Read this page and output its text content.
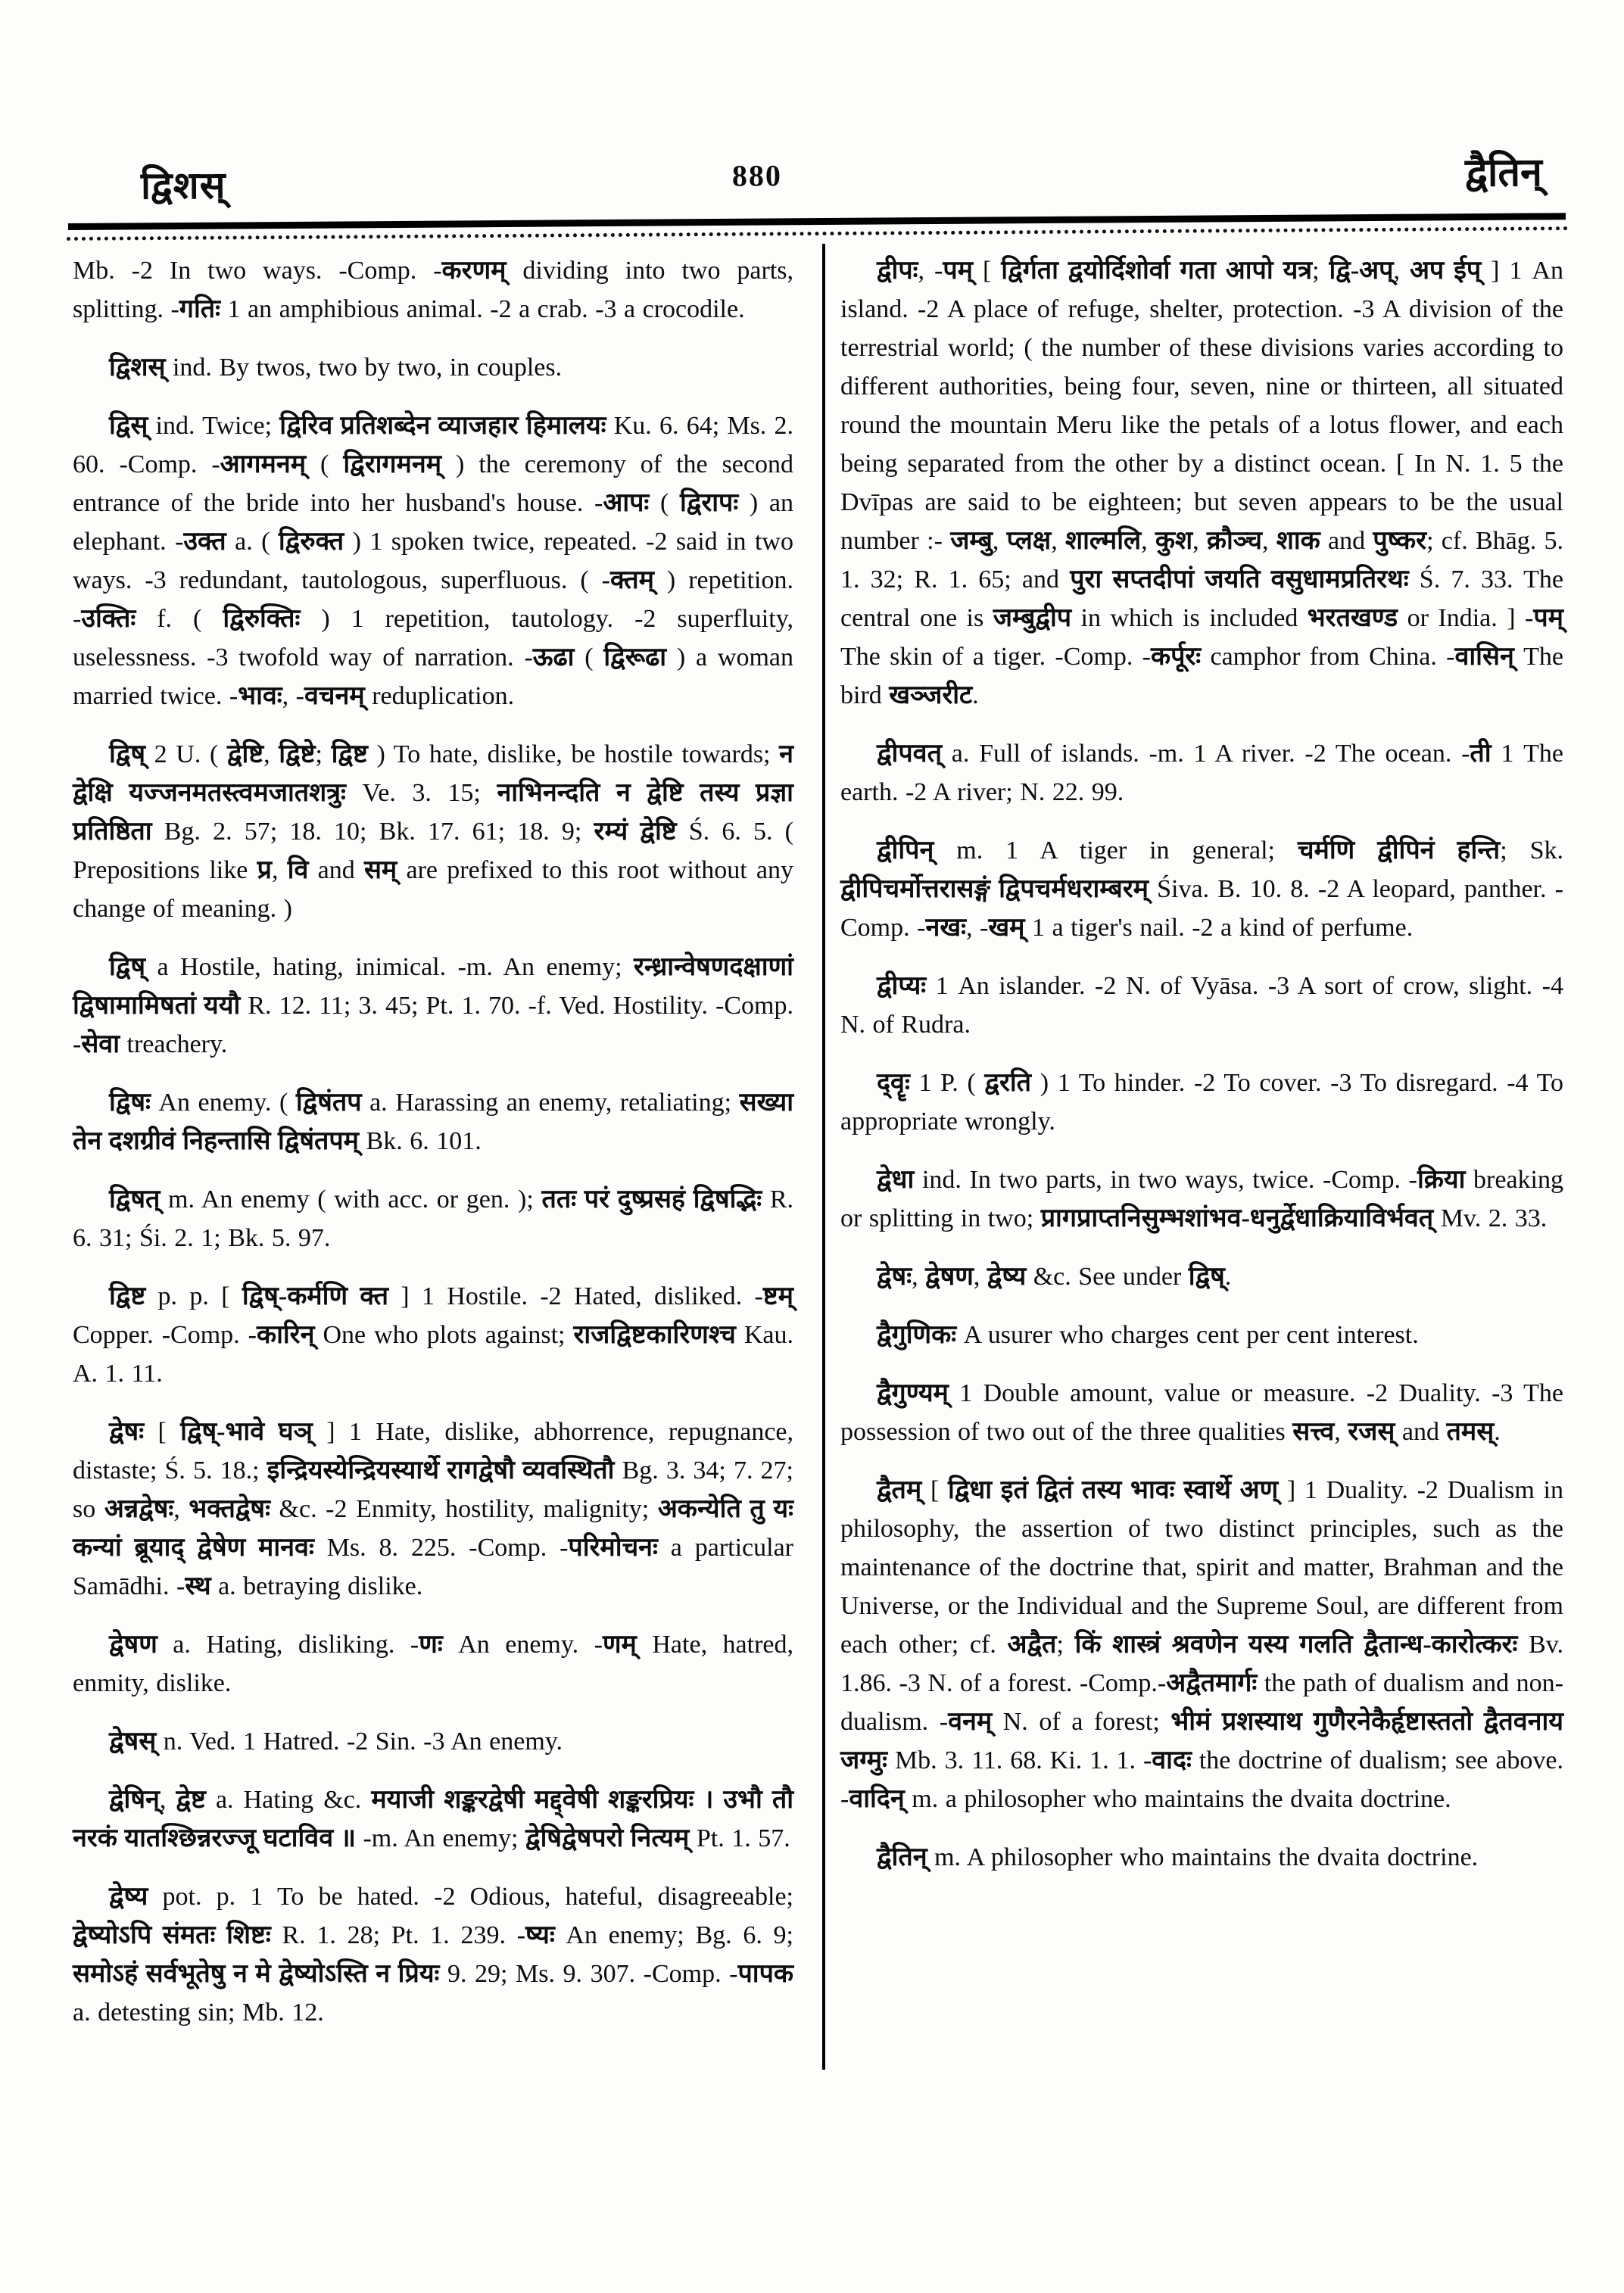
द्विशस्	880	द्वैतिन्

Mb. -2 In two ways. -Comp. -करणम् dividing into two parts, splitting. -गतिः 1 an amphibious animal. -2 a crab. -3 a crocodile.

द्विशस् ind. By twos, two by two, in couples.

द्विस् ind. Twice; द्विरिव प्रतिशब्देन व्याजहार हिमालयः Ku. 6. 64; Ms. 2. 60. -Comp. -आगमनम् ( द्विरागमनम् ) the ceremony of the second entrance of the bride into her husband's house. -आपः ( द्विरापः ) an elephant. -उक्त a. ( द्विरुक्त ) 1 spoken twice, repeated. -2 said in two ways. -3 redundant, tautologous, superfluous. ( -क्तम् ) repetition. -उक्तिः f. ( द्विरुक्तिः ) 1 repetition, tautology. -2 superfluity, uselessness. -3 twofold way of narration. -ऊढा ( द्विरूढा ) a woman married twice. -भावः, -वचनम् reduplication.

द्विष् 2 U. ( द्वेष्टि, द्विष्टे; द्विष्ट ) To hate, dislike, be hostile towards; न द्वेक्षि यज्जनमतस्त्वमजातशत्रुः Ve. 3. 15; नाभिनन्दति न द्वेष्टि तस्य प्रज्ञा प्रतिष्ठिता Bg. 2. 57; 18. 10; Bk. 17. 61; 18. 9; रम्यं द्वेष्टि Ś. 6. 5. ( Prepositions like प्र, वि and सम् are prefixed to this root without any change of meaning. )

द्विष् a Hostile, hating, inimical. -m. An enemy; रन्ध्रान्वेषणदक्षाणां द्विषामामिषतां ययौ R. 12. 11; 3. 45; Pt. 1. 70. -f. Ved. Hostility. -Comp. -सेवा treachery.

द्विषः An enemy. ( द्विषंतप a. Harassing an enemy, retaliating; सख्या तेन दशग्रीवं निहन्तासि द्विषंतपम् Bk. 6. 101.

द्विषत् m. An enemy ( with acc. or gen. ); ततः परं दुष्प्रसहं द्विषद्भिः R. 6. 31; Śi. 2. 1; Bk. 5. 97.

द्विष्ट p. p. [ द्विष्-कर्मणि क्त ] 1 Hostile. -2 Hated, disliked. -ष्टम् Copper. -Comp. -कारिन् One who plots against; राजद्विष्टकारिणश्च Kau. A. 1. 11.

द्वेषः [ द्विष्-भावे घञ् ] 1 Hate, dislike, abhorrence, repugnance, distaste; Ś. 5. 18.; इन्द्रियस्येन्द्रियस्यार्थे रागद्वेषौ व्यवस्थितौ Bg. 3. 34; 7. 27; so अन्नद्वेषः, भक्तद्वेषः &c. -2 Enmity, hostility, malignity; अकन्येति तु यः कन्यां ब्रूयाद् द्वेषेण मानवः Ms. 8. 225. -Comp. -परिमोचनः a particular Samādhi. -स्थ a. betraying dislike.

द्वेषण a. Hating, disliking. -णः An enemy. -णम् Hate, hatred, enmity, dislike.

द्वेषस् n. Ved. 1 Hatred. -2 Sin. -3 An enemy.

द्वेषिन्, द्वेष्ट a. Hating &c. मयाजी शङ्करद्वेषी मद्द्वेषी शङ्करप्रियः । उभौ तौ नरकं यातश्छिन्नरज्जू घटाविव ॥ -m. An enemy; द्वेषिद्वेषपरो नित्यम् Pt. 1. 57.

द्वेष्य pot. p. 1 To be hated. -2 Odious, hateful, disagreeable; द्वेष्योऽपि संमतः शिष्टः R. 1. 28; Pt. 1. 239. -ष्यः An enemy; Bg. 6. 9; समोऽहं सर्वभूतेषु न मे द्वेष्योऽस्ति न प्रियः 9. 29; Ms. 9. 307. -Comp. -पापक a. detesting sin; Mb. 12.

द्वीपः, -पम् [ द्विर्गता द्वयोर्दिशोर्वा गता आपो यत्र; द्वि-अप्, अप ईप् ] 1 An island. -2 A place of refuge, shelter, protection. -3 A division of the terrestrial world; ( the number of these divisions varies according to different authorities, being four, seven, nine or thirteen, all situated round the mountain Meru like the petals of a lotus flower, and each being separated from the other by a distinct ocean. [ In N. 1. 5 the Dvīpas are said to be eighteen; but seven appears to be the usual number :- जम्बु, प्लक्ष, शाल्मलि, कुश, क्रौञ्च, शाक and पुष्कर; cf. Bhāg. 5. 1. 32; R. 1. 65; and पुरा सप्तदीपां जयति वसुधामप्रतिरथः Ś. 7. 33. The central one is जम्बुद्वीप in which is included भरतखण्ड or India. ] -पम् The skin of a tiger. -Comp. -कर्पूरः camphor from China. -वासिन् The bird खञ्जरीट.

द्वीपवत् a. Full of islands. -m. 1 A river. -2 The ocean. -ती 1 The earth. -2 A river; N. 22. 99.

द्वीपिन् m. 1 A tiger in general; चर्मणि द्वीपिनं हन्ति; Sk. द्वीपिचर्मोत्तरासङ्गं द्विपचर्मधराम्बरम् Śiva. B. 10. 8. -2 A leopard, panther. -Comp. -नखः, -खम् 1 a tiger's nail. -2 a kind of perfume.

द्वीप्यः 1 An islander. -2 N. of Vyāsa. -3 A sort of crow, slight. -4 N. of Rudra.

द्वॄः 1 P. ( द्वरति ) 1 To hinder. -2 To cover. -3 To disregard. -4 To appropriate wrongly.

द्वेधा ind. In two parts, in two ways, twice. -Comp. -क्रिया breaking or splitting in two; प्रागप्राप्तनिसुम्भशांभव-धनुर्द्वेधाक्रियाविर्भवत् Mv. 2. 33.

द्वेषः, द्वेषण, द्वेष्य &c. See under द्विष्.

द्वैगुणिकः A usurer who charges cent per cent interest.

द्वैगुण्यम् 1 Double amount, value or measure. -2 Duality. -3 The possession of two out of the three qualities सत्त्व, रजस् and तमस्.

द्वैतम् [ द्विधा इतं द्वितं तस्य भावः स्वार्थे अण् ] 1 Duality. -2 Dualism in philosophy, the assertion of two distinct principles, such as the maintenance of the doctrine that, spirit and matter, Brahman and the Universe, or the Individual and the Supreme Soul, are different from each other; cf. अद्वैत; किं शास्त्रं श्रवणेन यस्य गलति द्वैतान्ध-कारोत्करः Bv. 1.86. -3 N. of a forest. -Comp.-अद्वैतमार्गः the path of dualism and non-dualism. -वनम् N. of a forest; भीमं प्रशस्याथ गुणैरनेकैर्हृष्टास्ततो द्वैतवनाय जग्मुः Mb. 3. 11. 68. Ki. 1. 1. -वादः the doctrine of dualism; see above. -वादिन् m. a philosopher who maintains the dvaita doctrine.

द्वैतिन् m. A philosopher who maintains the dvaita doctrine.
